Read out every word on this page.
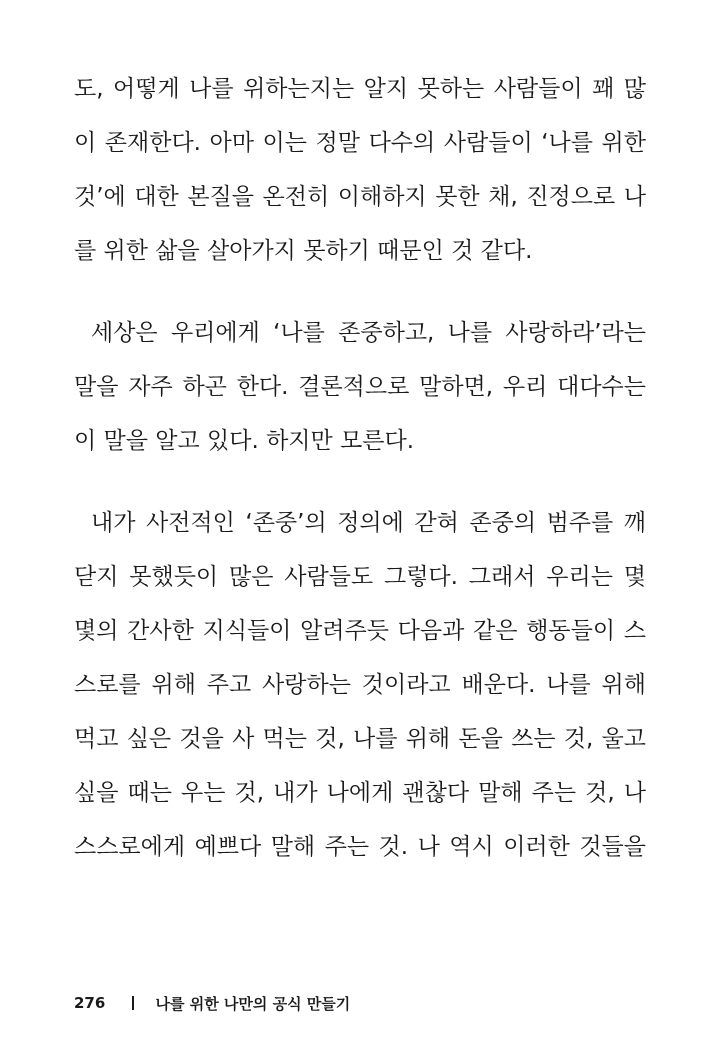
도, 어떻게 나를 위하는지는 알지 못하는 사람들이 꽤 많
이 존재한다. 아마 이는 정말 다수의 사람들이 ‘나를 위한
것’에 대한 본질을 온전히 이해하지 못한 채, 진정으로 나
를 위한 삶을 살아가지 못하기 때문인 것 같다.
세상은 우리에게 ‘나를 존중하고, 나를 사랑하라’라는
말을 자주 하곤 한다. 결론적으로 말하면, 우리 대다수는
이 말을 알고 있다. 하지만 모른다.
내가 사전적인 ‘존중’의 정의에 갇혀 존중의 범주를 깨
닫지 못했듯이 많은 사람들도 그렇다. 그래서 우리는 몇
몇의 간사한 지식들이 알려주듯 다음과 같은 행동들이 스
스로를 위해 주고 사랑하는 것이라고 배운다. 나를 위해
먹고 싶은 것을 사 먹는 것, 나를 위해 돈을 쓰는 것, 울고
싶을 때는 우는 것, 내가 나에게 괜찮다 말해 주는 것, 나
스스로에게 예쁘다 말해 주는 것. 나 역시 이러한 것들을
276	나를 위한 나만의 공식 만들기
